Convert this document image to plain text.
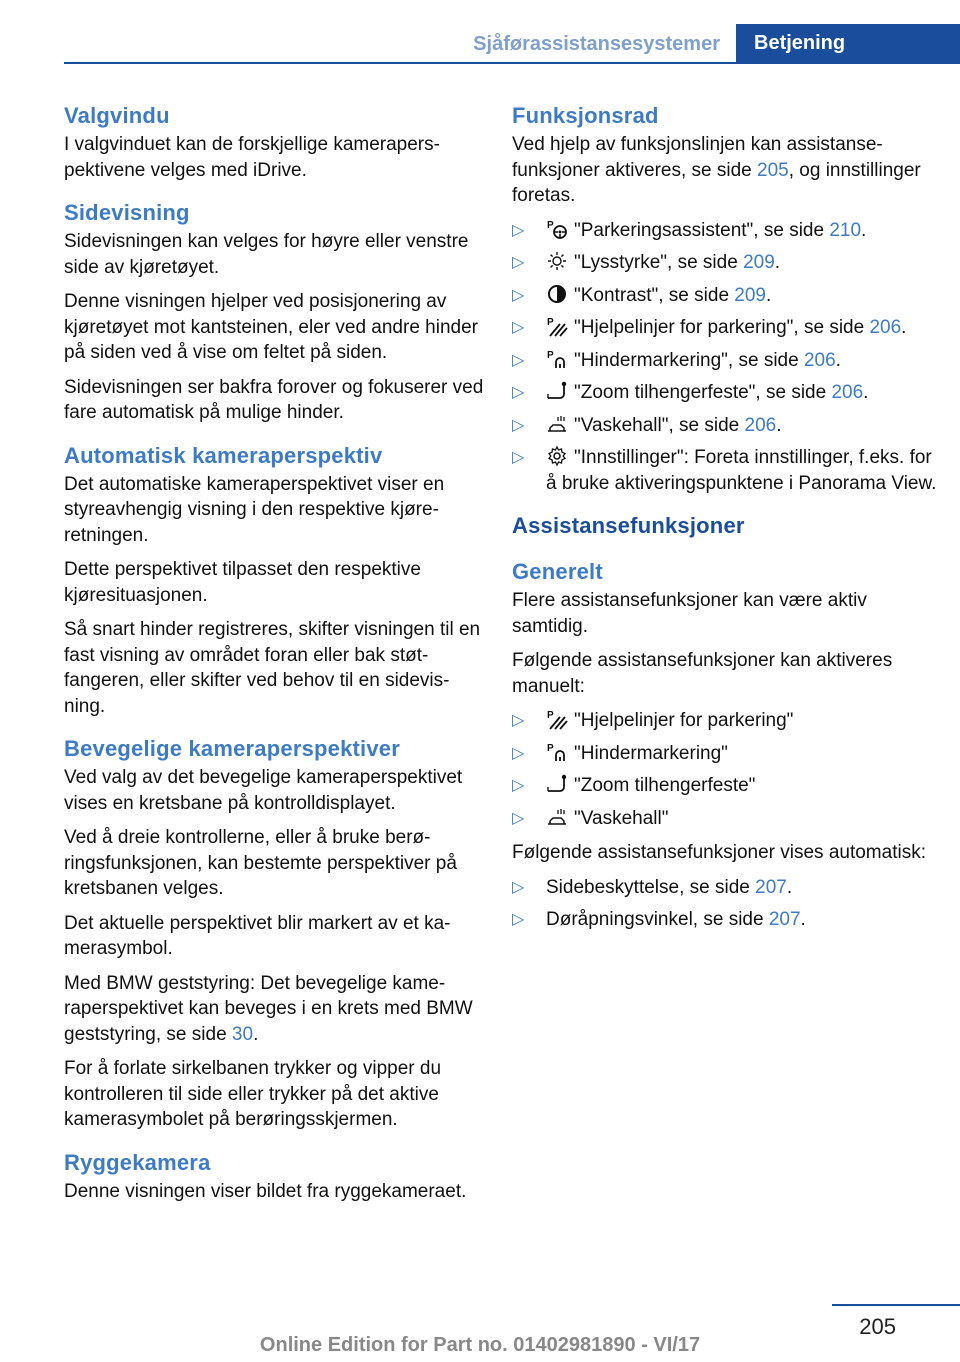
Sjåførassistansesystemer	Betjening
Valgvindu

I valgvinduet kan de forskjellige kameraperspektivene velges med iDrive.

Sidevisning

Sidevisningen kan velges for høyre eller venstre side av kjøretøyet.

Denne visningen hjelper ved posisjonering av kjøretøyet mot kantsteinen, eler ved andre hinder på siden ved å vise om feltet på siden.

Sidevisningen ser bakfra forover og fokuserer ved fare automatisk på mulige hinder.

Automatisk kameraperspektiv

Det automatiske kameraperspektivet viser en styreavhengig visning i den respektive kjøreretningen.

Dette perspektivet tilpasset den respektive kjøresituasjonen.

Så snart hinder registreres, skifter visningen til en fast visning av området foran eller bak støtfangeren, eller skifter ved behov til en sidevisning.

Bevegelige kameraperspektiver

Ved valg av det bevegelige kameraperspektivet vises en kretsbane på kontrolldisplayet.

Ved å dreie kontrollerne, eller å bruke berøringsfunksjonen, kan bestemte perspektiver på kretsbanen velges.

Det aktuelle perspektivet blir markert av et kamerasymbol.

Med BMW geststyring: Det bevegelige kameraperspektivet kan beveges i en krets med BMW geststyring, se side 30.

For å forlate sirkelbanen trykker og vipper du kontrolleren til side eller trykker på det aktive kamerasymbolet på berøringsskjermen.

Ryggekamera

Denne visningen viser bildet fra ryggekameraet.

Funksjonsrad

Ved hjelp av funksjonslinjen kan assistansefunksjoner aktiveres, se side 205, og innstillinger foretas.

▷ P "Parkeringsassistent", se side 210.
▷	"Lysstyrke", se side 209.
▷	"Kontrast", se side 209.
▷ P "Hjelpelinjer for parkering", se side 206.
▷ P "Hindermarkering", se side 206.
▷	"Zoom tilhengerfeste", se side 206.
▷	"Vaskehall", se side 206.
▷	"Innstillinger": Foreta innstillinger, f.eks. for å bruke aktiveringspunktene i Panorama View.
Assistansefunksjoner
Generelt

Flere assistansefunksjoner kan være aktiv samtidig.

Følgende assistansefunksjoner kan aktiveres manuelt:

▷ P "Hjelpelinjer for parkering"
▷ P "Hindermarkering"
▷	"Zoom tilhengerfeste"
▷	"Vaskehall"

Følgende assistansefunksjoner vises automatisk:

▷ Sidebeskyttelse, se side 207.
▷ Døråpningsvinkel, se side 207.
205
Online Edition for Part no. 01402981890 - VI/17
